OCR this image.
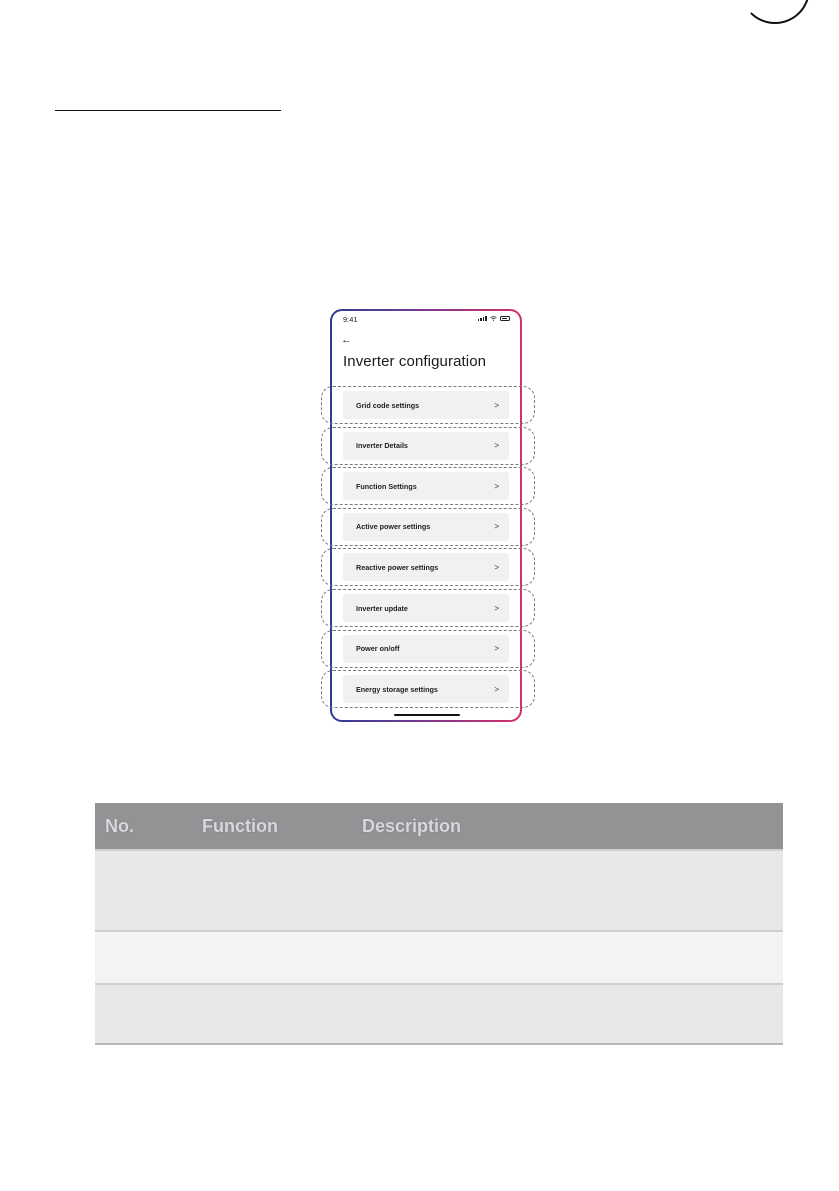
9:41
←
Inverter configuration
Grid code settings	>
Inverter Details	>
Function Settings	>
Active power settings	>
Reactive power settings	>
Inverter update	>
Power on/off	>
Energy storage settings	>
No.	Function	Description
